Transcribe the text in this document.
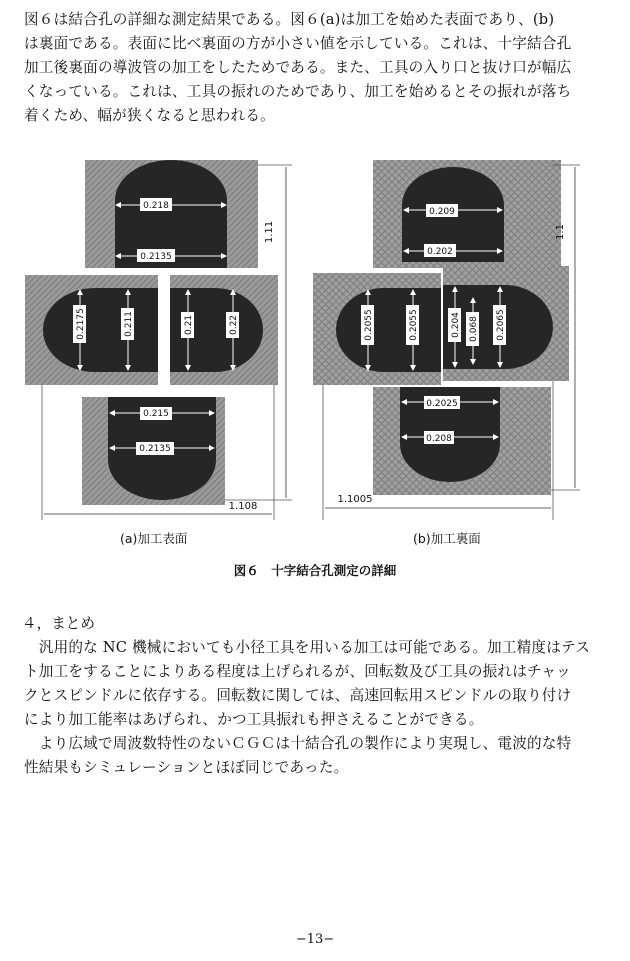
図６は結合孔の詳細な測定結果である。図６(a)は加工を始めた表面であり、(b)
は裏面である。表面に比べ裏面の方が小さい値を示している。これは、十字結合孔
加工後裏面の導波管の加工をしたためである。また、工具の入り口と抜け口が幅広
くなっている。これは、工具の振れのためであり、加工を始めるとその振れが落ち
着くため、幅が狭くなると思われる。
0.218
0.2135
0.2175	0.211	0.21	0.22
0.215
0.2135
1.11
1.108
0.209
0.202
0.2055	0.2055	0.204 0.068 0.2065
0.2025
0.208
1.1
1.1005
(a)加工表面	(b)加工裏面
図６　十字結合孔測定の詳細
４，まとめ
　汎用的な NC 機械においても小径工具を用いる加工は可能である。加工精度はテス
ト加工をすることによりある程度は上げられるが、回転数及び工具の振れはチャッ
クとスピンドルに依存する。回転数に関しては、高速回転用スピンドルの取り付け
により加工能率はあげられ、かつ工具振れも押さえることができる。
　より広域で周波数特性のないＣＧＣは十結合孔の製作により実現し、電波的な特
性結果もシミュレーションとほぼ同じであった。
−13−
